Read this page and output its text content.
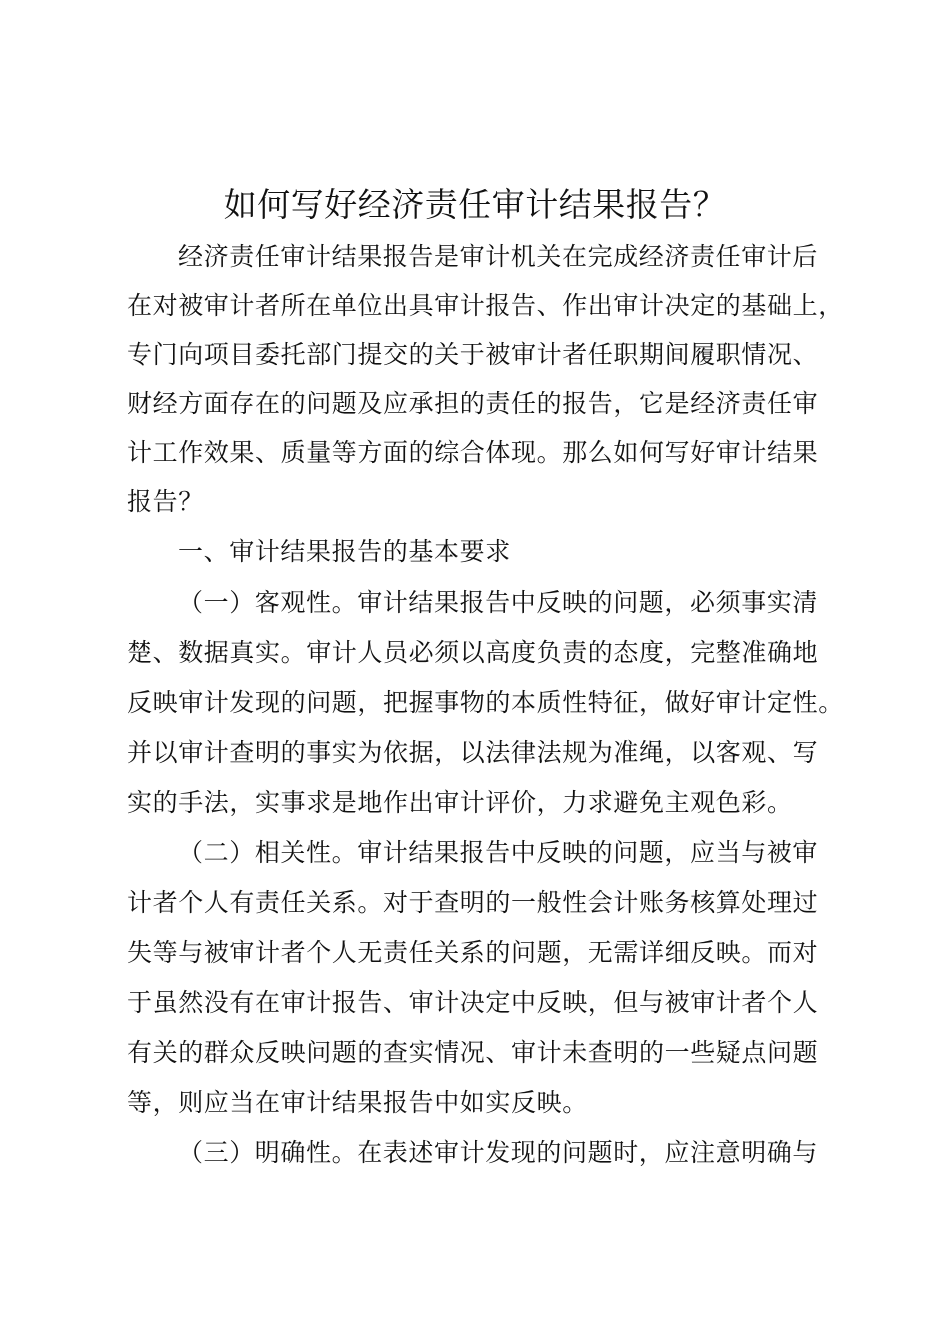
如何写好经济责任审计结果报告？
经济责任审计结果报告是审计机关在完成经济责任审计后
在对被审计者所在单位出具审计报告、作出审计决定的基础上，
专门向项目委托部门提交的关于被审计者任职期间履职情况、
财经方面存在的问题及应承担的责任的报告，它是经济责任审
计工作效果、质量等方面的综合体现。那么如何写好审计结果
报告？
一、审计结果报告的基本要求
（一）客观性。审计结果报告中反映的问题，必须事实清
楚、数据真实。审计人员必须以高度负责的态度，完整准确地
反映审计发现的问题，把握事物的本质性特征，做好审计定性。
并以审计查明的事实为依据，以法律法规为准绳，以客观、写
实的手法，实事求是地作出审计评价，力求避免主观色彩。
（二）相关性。审计结果报告中反映的问题，应当与被审
计者个人有责任关系。对于查明的一般性会计账务核算处理过
失等与被审计者个人无责任关系的问题，无需详细反映。而对
于虽然没有在审计报告、审计决定中反映，但与被审计者个人
有关的群众反映问题的查实情况、审计未查明的一些疑点问题
等，则应当在审计结果报告中如实反映。
（三）明确性。在表述审计发现的问题时，应注意明确与
